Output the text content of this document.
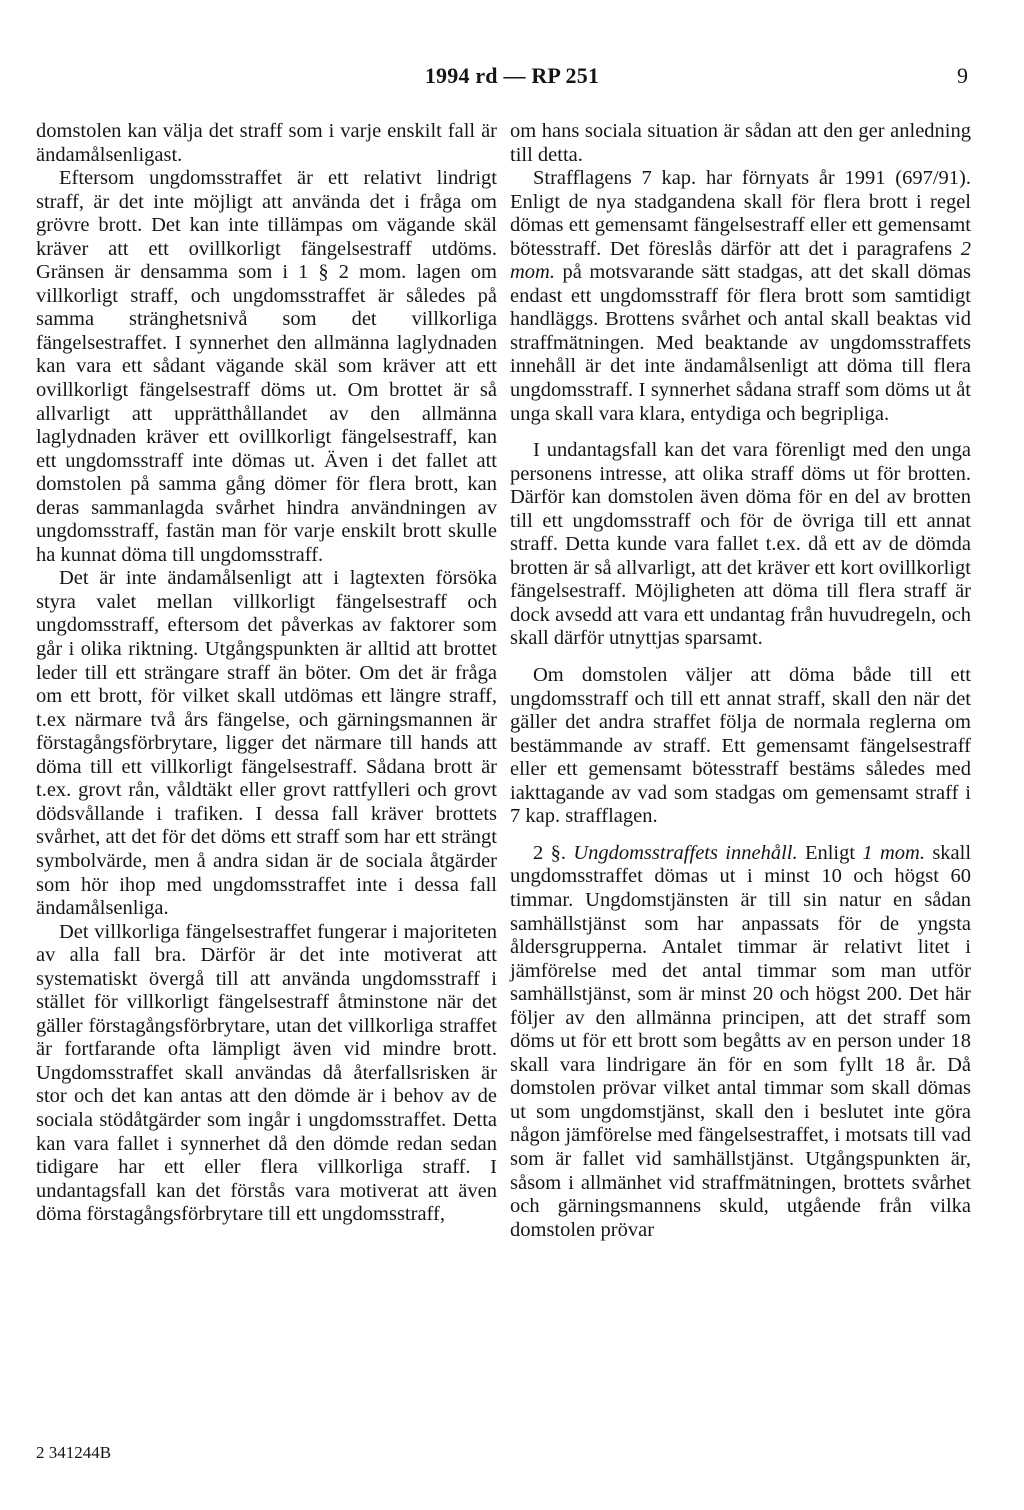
1994 rd — RP 251	9

domstolen kan välja det straff som i varje enskilt fall är ändamålsenligast.

Eftersom ungdomsstraffet är ett relativt lindrigt straff, är det inte möjligt att använda det i fråga om grövre brott. Det kan inte tillämpas om vägande skäl kräver att ett ovillkorligt fängelsestraff utdöms. Gränsen är densamma som i 1 § 2 mom. lagen om villkorligt straff, och ungdomsstraffet är således på samma stränghetsnivå som det villkorliga fängelsestraffet. I synnerhet den allmänna laglydnaden kan vara ett sådant vägande skäl som kräver att ett ovillkorligt fängelsestraff döms ut. Om brottet är så allvarligt att upprätthållandet av den allmänna laglydnaden kräver ett ovillkorligt fängelsestraff, kan ett ungdomsstraff inte dömas ut. Även i det fallet att domstolen på samma gång dömer för flera brott, kan deras sammanlagda svårhet hindra användningen av ungdomsstraff, fastän man för varje enskilt brott skulle ha kunnat döma till ungdomsstraff.

Det är inte ändamålsenligt att i lagtexten försöka styra valet mellan villkorligt fängelsestraff och ungdomsstraff, eftersom det påverkas av faktorer som går i olika riktning. Utgångspunkten är alltid att brottet leder till ett strängare straff än böter. Om det är fråga om ett brott, för vilket skall utdömas ett längre straff, t.ex närmare två års fängelse, och gärningsmannen är förstagångsförbrytare, ligger det närmare till hands att döma till ett villkorligt fängelsestraff. Sådana brott är t.ex. grovt rån, våldtäkt eller grovt rattfylleri och grovt dödsvållande i trafiken. I dessa fall kräver brottets svårhet, att det för det döms ett straff som har ett strängt symbolvärde, men å andra sidan är de sociala åtgärder som hör ihop med ungdomsstraffet inte i dessa fall ändamålsenliga.

Det villkorliga fängelsestraffet fungerar i majoriteten av alla fall bra. Därför är det inte motiverat att systematiskt övergå till att använda ungdomsstraff i stället för villkorligt fängelsestraff åtminstone när det gäller förstagångsförbrytare, utan det villkorliga straffet är fortfarande ofta lämpligt även vid mindre brott. Ungdomsstraffet skall användas då återfallsrisken är stor och det kan antas att den dömde är i behov av de sociala stödåtgärder som ingår i ungdomsstraffet. Detta kan vara fallet i synnerhet då den dömde redan sedan tidigare har ett eller flera villkorliga straff. I undantagsfall kan det förstås vara motiverat att även döma förstagångsförbrytare till ett ungdomsstraff,

om hans sociala situation är sådan att den ger anledning till detta.

Strafflagens 7 kap. har förnyats år 1991 (697/91). Enligt de nya stadgandena skall för flera brott i regel dömas ett gemensamt fängelsestraff eller ett gemensamt bötesstraff. Det föreslås därför att det i paragrafens 2 mom. på motsvarande sätt stadgas, att det skall dömas endast ett ungdomsstraff för flera brott som samtidigt handläggs. Brottens svårhet och antal skall beaktas vid straffmätningen. Med beaktande av ungdomsstraffets innehåll är det inte ändamålsenligt att döma till flera ungdomsstraff. I synnerhet sådana straff som döms ut åt unga skall vara klara, entydiga och begripliga.

I undantagsfall kan det vara förenligt med den unga personens intresse, att olika straff döms ut för brotten. Därför kan domstolen även döma för en del av brotten till ett ungdomsstraff och för de övriga till ett annat straff. Detta kunde vara fallet t.ex. då ett av de dömda brotten är så allvarligt, att det kräver ett kort ovillkorligt fängelsestraff. Möjligheten att döma till flera straff är dock avsedd att vara ett undantag från huvudregeln, och skall därför utnyttjas sparsamt.

Om domstolen väljer att döma både till ett ungdomsstraff och till ett annat straff, skall den när det gäller det andra straffet följa de normala reglerna om bestämmande av straff. Ett gemensamt fängelsestraff eller ett gemensamt bötesstraff bestäms således med iakttagande av vad som stadgas om gemensamt straff i 7 kap. strafflagen.

2 §. Ungdomsstraffets innehåll. Enligt 1 mom. skall ungdomsstraffet dömas ut i minst 10 och högst 60 timmar. Ungdomstjänsten är till sin natur en sådan samhällstjänst som har anpassats för de yngsta åldersgrupperna. Antalet timmar är relativt litet i jämförelse med det antal timmar som man utför samhällstjänst, som är minst 20 och högst 200. Det här följer av den allmänna principen, att det straff som döms ut för ett brott som begåtts av en person under 18 skall vara lindrigare än för en som fyllt 18 år. Då domstolen prövar vilket antal timmar som skall dömas ut som ungdomstjänst, skall den i beslutet inte göra någon jämförelse med fängelsestraffet, i motsats till vad som är fallet vid samhällstjänst. Utgångspunkten är, såsom i allmänhet vid straffmätningen, brottets svårhet och gärningsmannens skuld, utgående från vilka domstolen prövar

2 341244B
